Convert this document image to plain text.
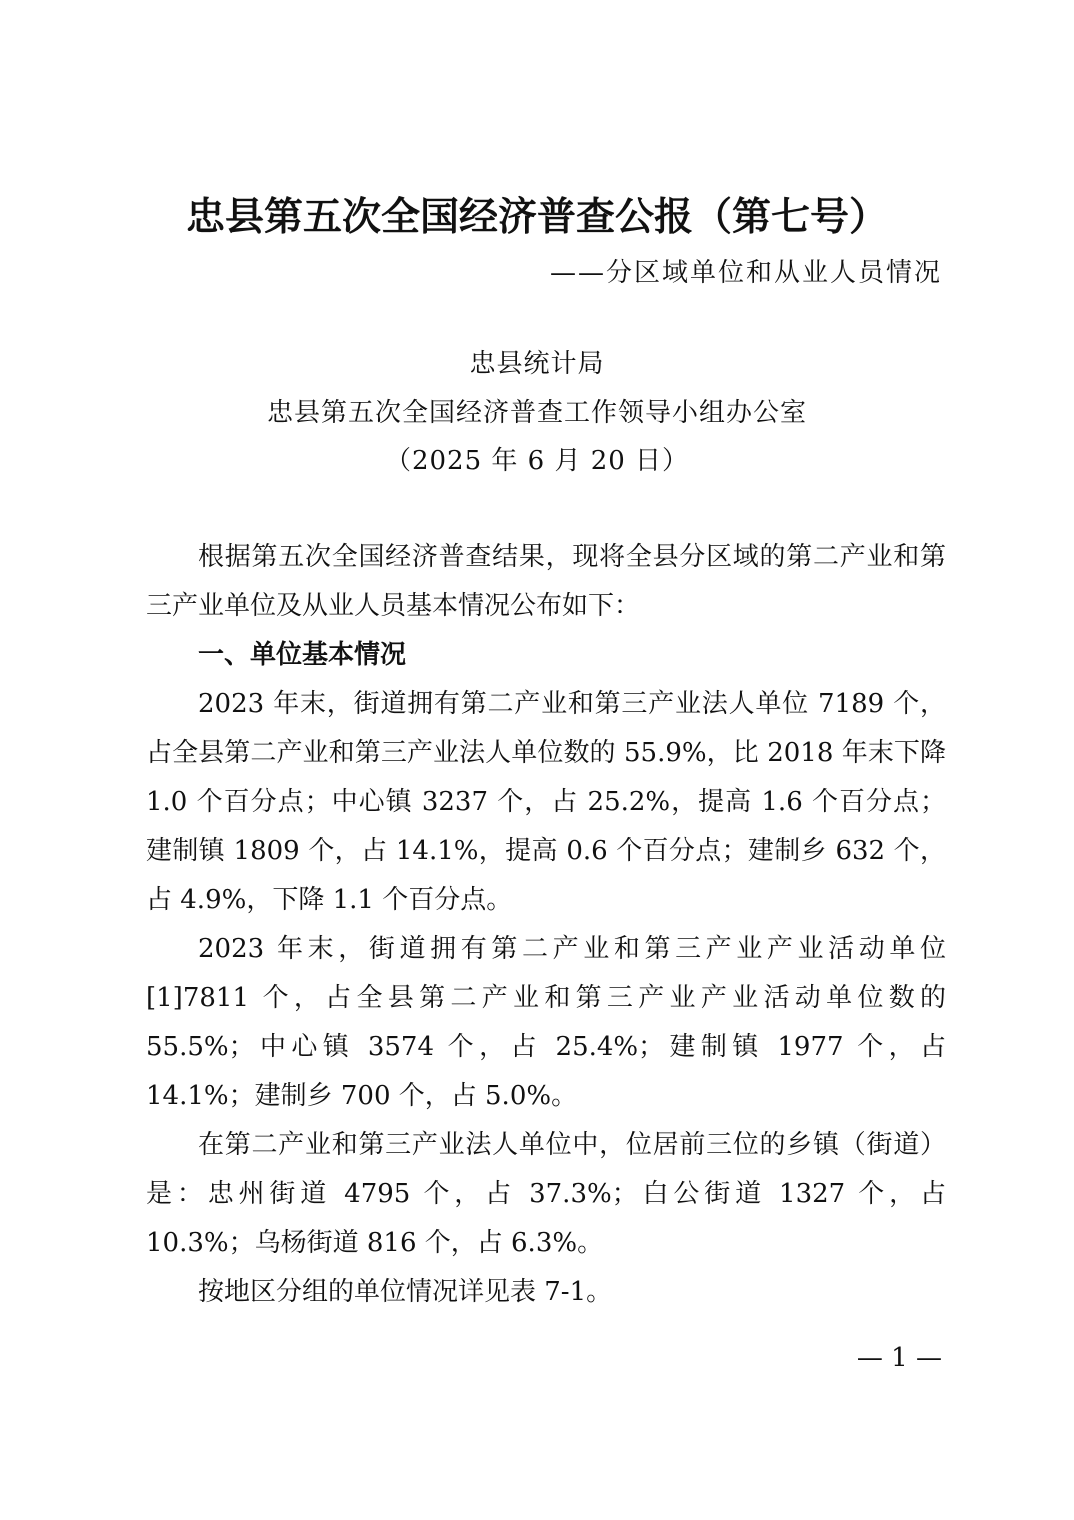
忠县第五次全国经济普查公报（第七号）
——分区域单位和从业人员情况
忠县统计局
忠县第五次全国经济普查工作领导小组办公室
（2025 年 6 月 20 日）

根据第五次全国经济普查结果，现将全县分区域的第二产业和第三产业单位及从业人员基本情况公布如下：

一、单位基本情况

2023 年末，街道拥有第二产业和第三产业法人单位 7189 个，占全县第二产业和第三产业法人单位数的 55.9%，比 2018 年末下降 1.0 个百分点；中心镇 3237 个，占 25.2%，提高 1.6 个百分点；建制镇 1809 个，占 14.1%，提高 0.6 个百分点；建制乡 632 个，占 4.9%，下降 1.1 个百分点。

2023 年末，街道拥有第二产业和第三产业产业活动单位[1]7811 个，占全县第二产业和第三产业产业活动单位数的 55.5%；中心镇 3574 个，占 25.4%；建制镇 1977 个，占 14.1%；建制乡 700 个，占 5.0%。

在第二产业和第三产业法人单位中，位居前三位的乡镇（街道）是：忠州街道 4795 个，占 37.3%；白公街道 1327 个，占 10.3%；乌杨街道 816 个，占 6.3%。

按地区分组的单位情况详见表 7-1。

— 1 —
